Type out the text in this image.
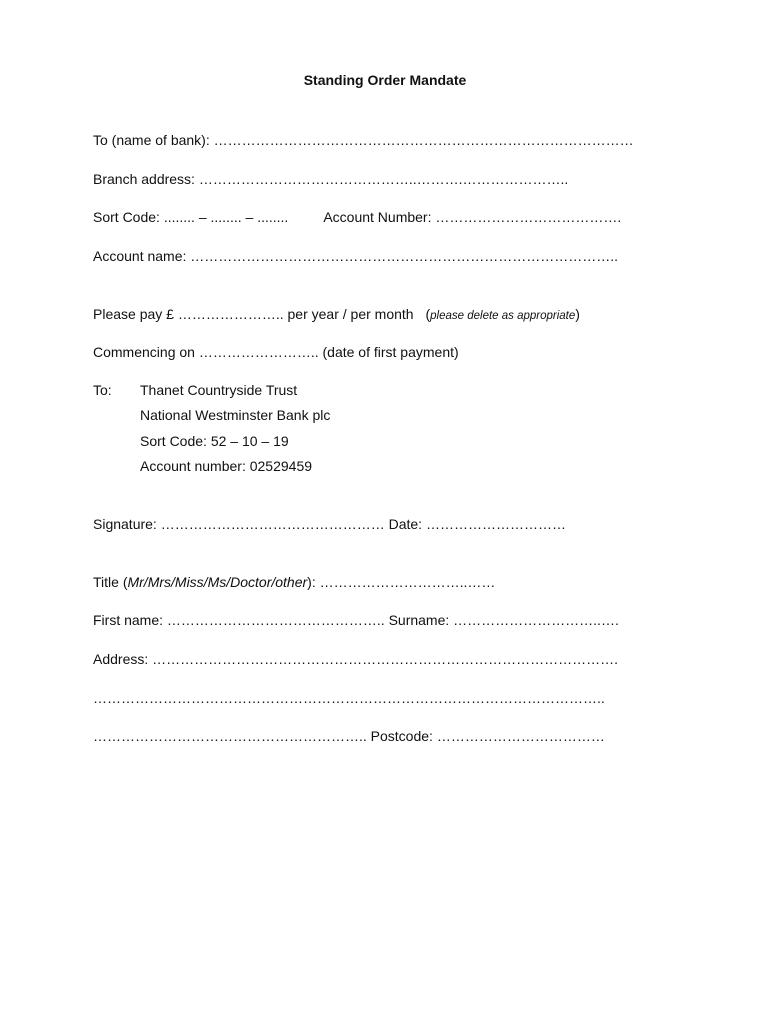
Standing Order Mandate
To (name of bank): ………………………………………………………………………………
Branch address: ………………………………………..……….…………………..
Sort Code: ........ – ........ – ........	Account Number: ………………………………….
Account name: ………………………………………………………………………………..
Please pay £ ………………….. per year / per month (please delete as appropriate)
Commencing on …………………….. (date of first payment)
To: Thanet Countryside Trust
National Westminster Bank plc
Sort Code: 52 – 10 – 19
Account number: 02529459
Signature: ………………………………………… Date: …………………………
Title (Mr/Mrs/Miss/Ms/Doctor/other): …………………………..……
First name: ……………………………………….. Surname: …………………………..….
Address: ……………………………………………………………………………………….
………………………………………………………………………………………………..
………………………………………………….. Postcode: ………………………………
